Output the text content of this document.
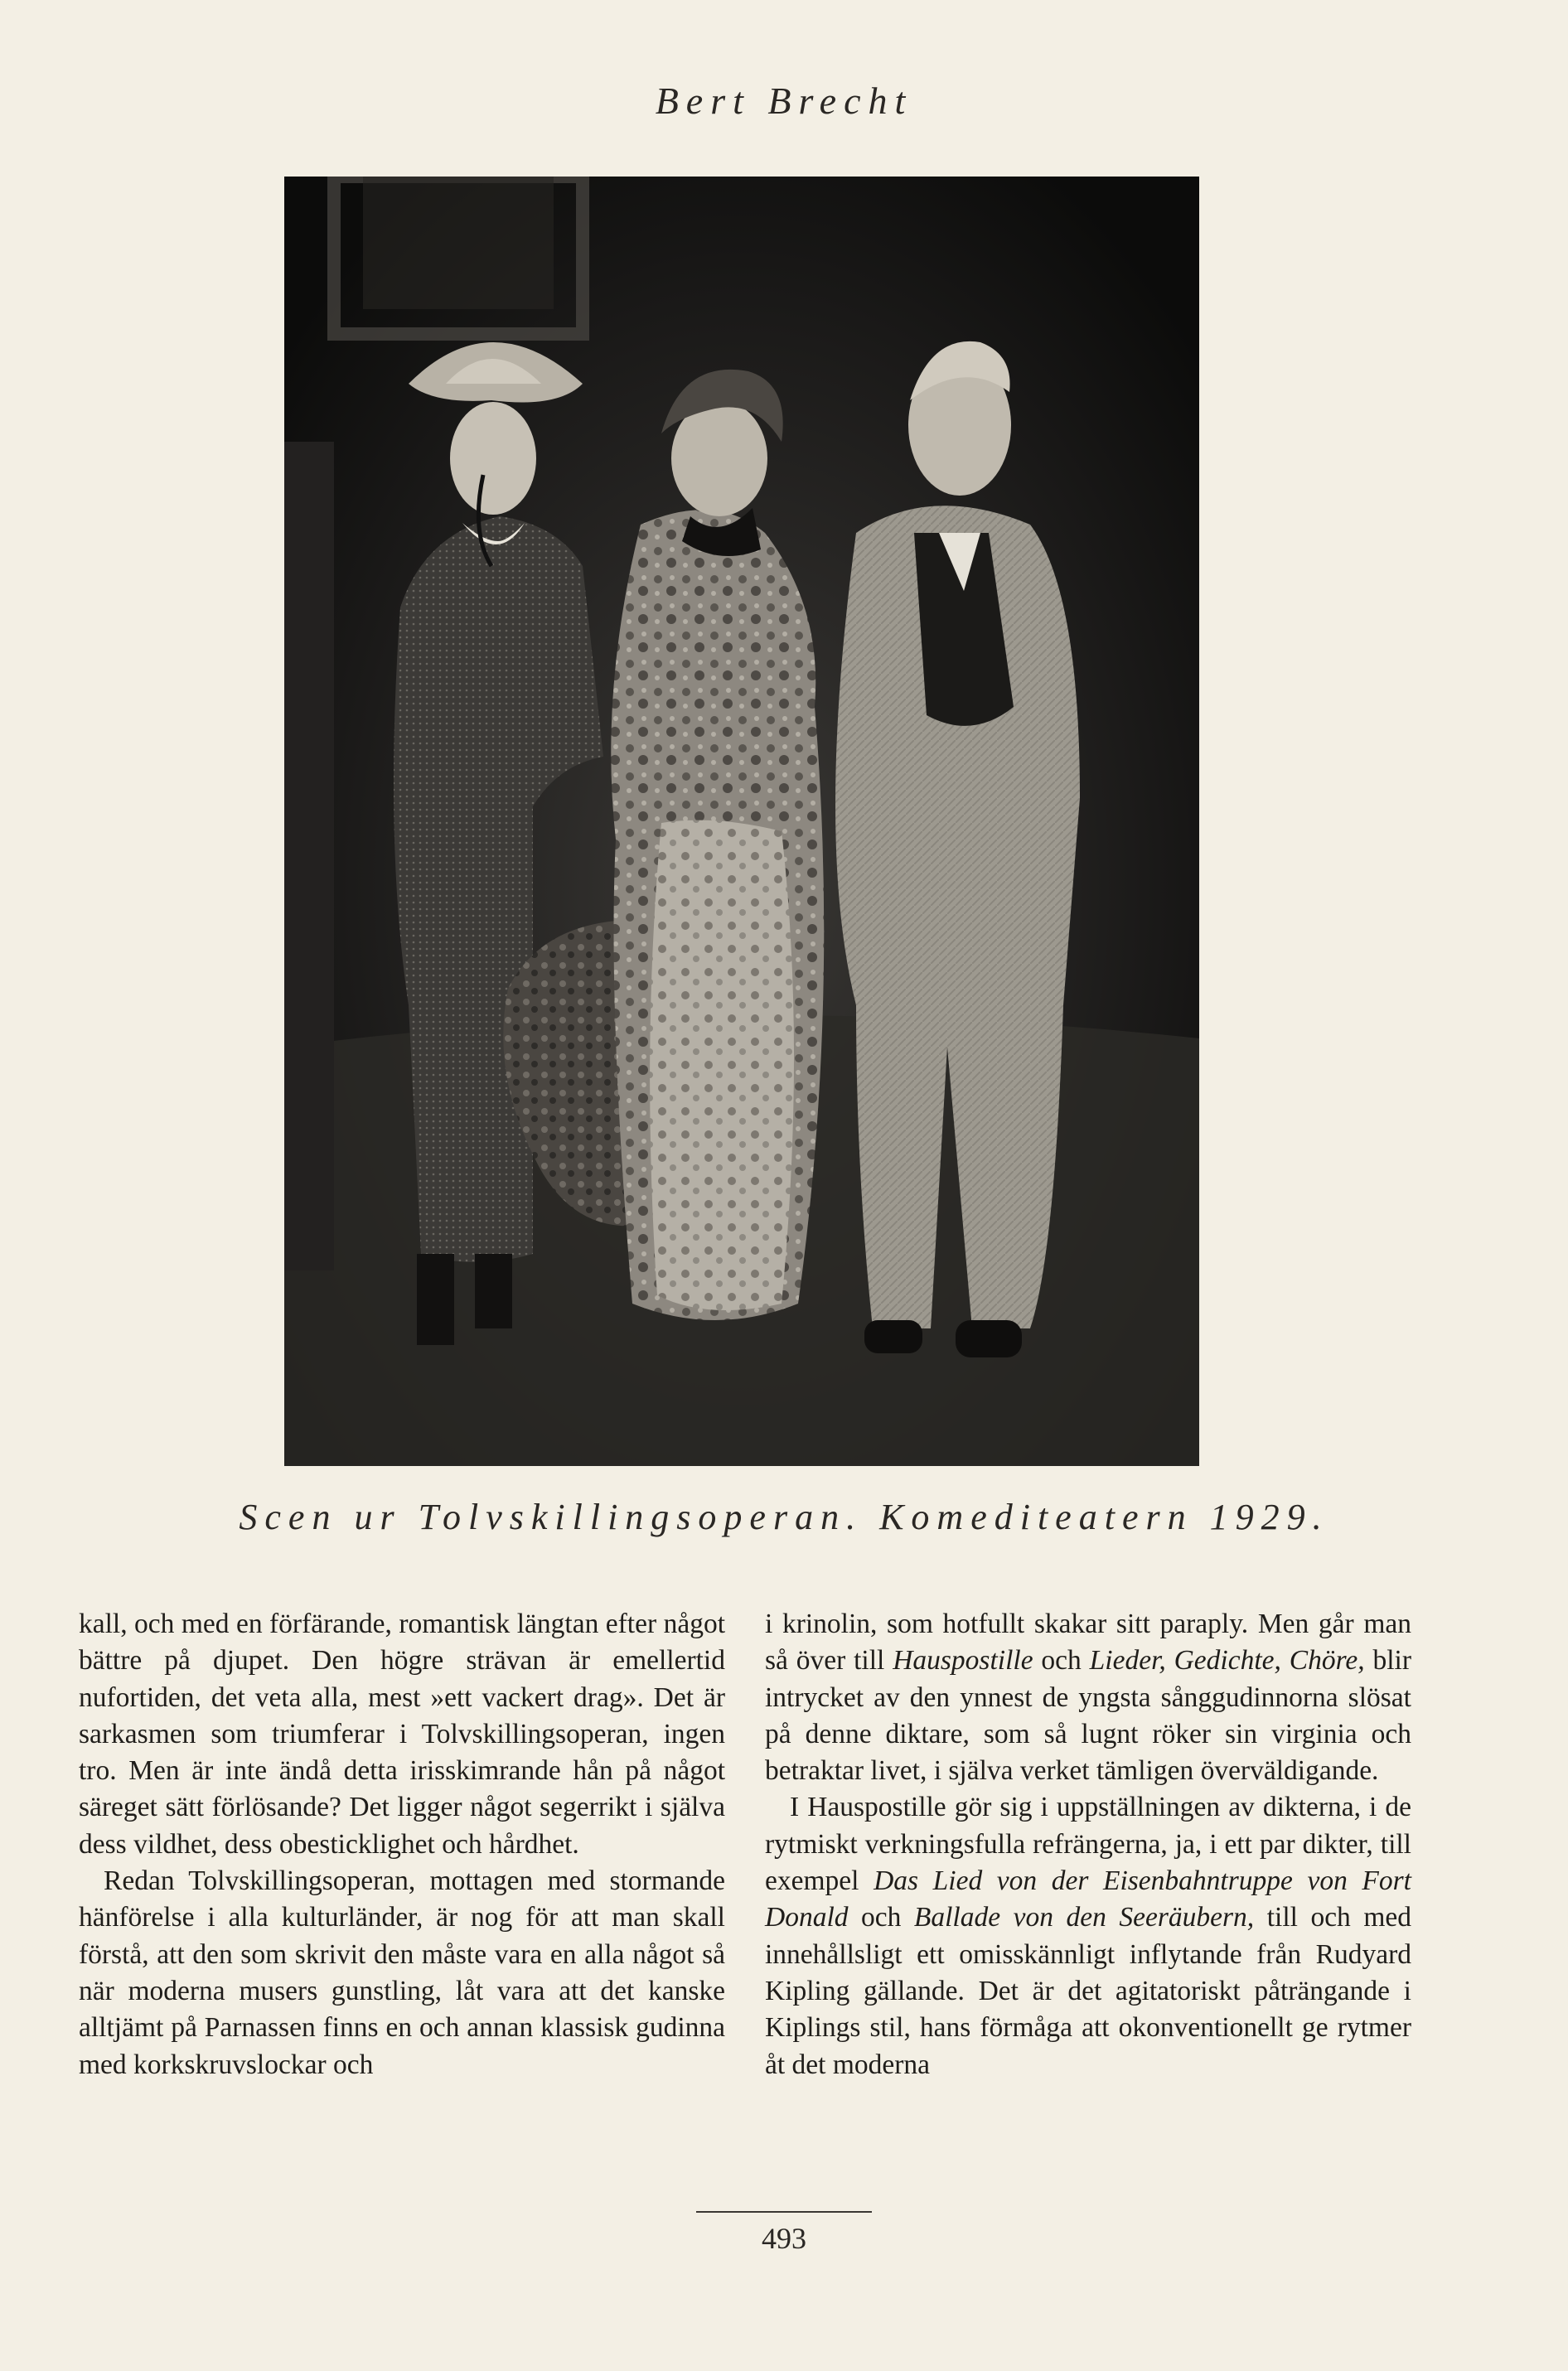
Bert Brecht
Scen ur Tolvskillingsoperan. Komediteatern 1929.

kall, och med en förfärande, romantisk längtan efter något bättre på djupet. Den högre strävan är emellertid nufortiden, det veta alla, mest »ett vackert drag». Det är sarkasmen som triumferar i Tolvskillingsoperan, ingen tro. Men är inte ändå detta irisskimrande hån på något säreget sätt förlösande? Det ligger något segerrikt i själva dess vildhet, dess obesticklighet och hårdhet.

Redan Tolvskillingsoperan, mottagen med stormande hänförelse i alla kulturländer, är nog för att man skall förstå, att den som skrivit den måste vara en alla något så när moderna musers gunstling, låt vara att det kanske alltjämt på Parnassen finns en och annan klassisk gudinna med korkskruvslockar och

i krinolin, som hotfullt skakar sitt paraply. Men går man så över till Hauspostille och Lieder, Gedichte, Chöre, blir intrycket av den ynnest de yngsta sånggudinnorna slösat på denne diktare, som så lugnt röker sin virginia och betraktar livet, i själva verket tämligen överväldigande.

I Hauspostille gör sig i uppställningen av dikterna, i de rytmiskt verkningsfulla refrängerna, ja, i ett par dikter, till exempel Das Lied von der Eisenbahntruppe von Fort Donald och Ballade von den Seeräubern, till och med innehållsligt ett omisskännligt inflytande från Rudyard Kipling gällande. Det är det agitatoriskt påträngande i Kiplings stil, hans förmåga att okonventionellt ge rytmer åt det moderna

493
